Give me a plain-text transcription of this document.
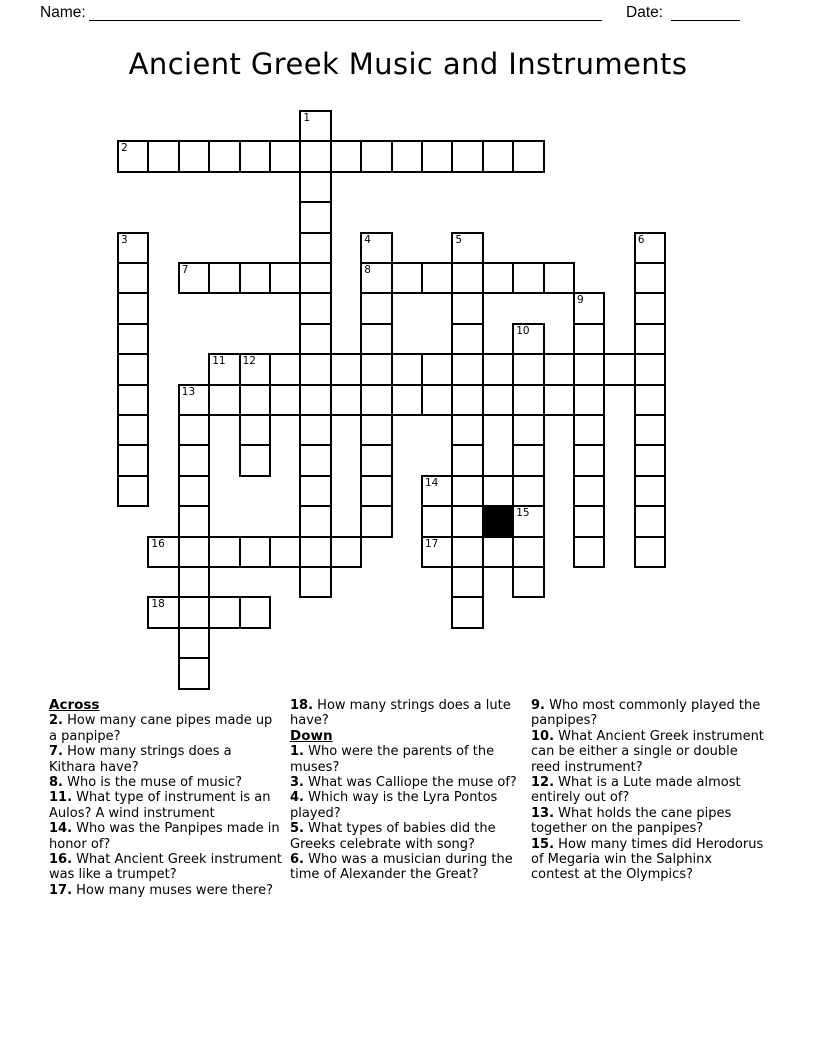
Name:	Date:
Ancient Greek Music and Instruments
1
2
3	4	5	6
7	8
9
10
11 12
13
14
15
16	17
18
Across
2. How many cane pipes made up a panpipe?
7. How many strings does a Kithara have?
8. Who is the muse of music?
11. What type of instrument is an Aulos? A wind instrument
14. Who was the Panpipes made in honor of?
16. What Ancient Greek instrument was like a trumpet?
17. How many muses were there?
18. How many strings does a lute have?
Down
1. Who were the parents of the muses?
3. What was Calliope the muse of?
4. Which way is the Lyra Pontos played?
5. What types of babies did the Greeks celebrate with song?
6. Who was a musician during the time of Alexander the Great?
9. Who most commonly played the panpipes?
10. What Ancient Greek instrument can be either a single or double reed instrument?
12. What is a Lute made almost entirely out of?
13. What holds the cane pipes together on the panpipes?
15. How many times did Herodorus of Megaria win the Salphinx contest at the Olympics?
